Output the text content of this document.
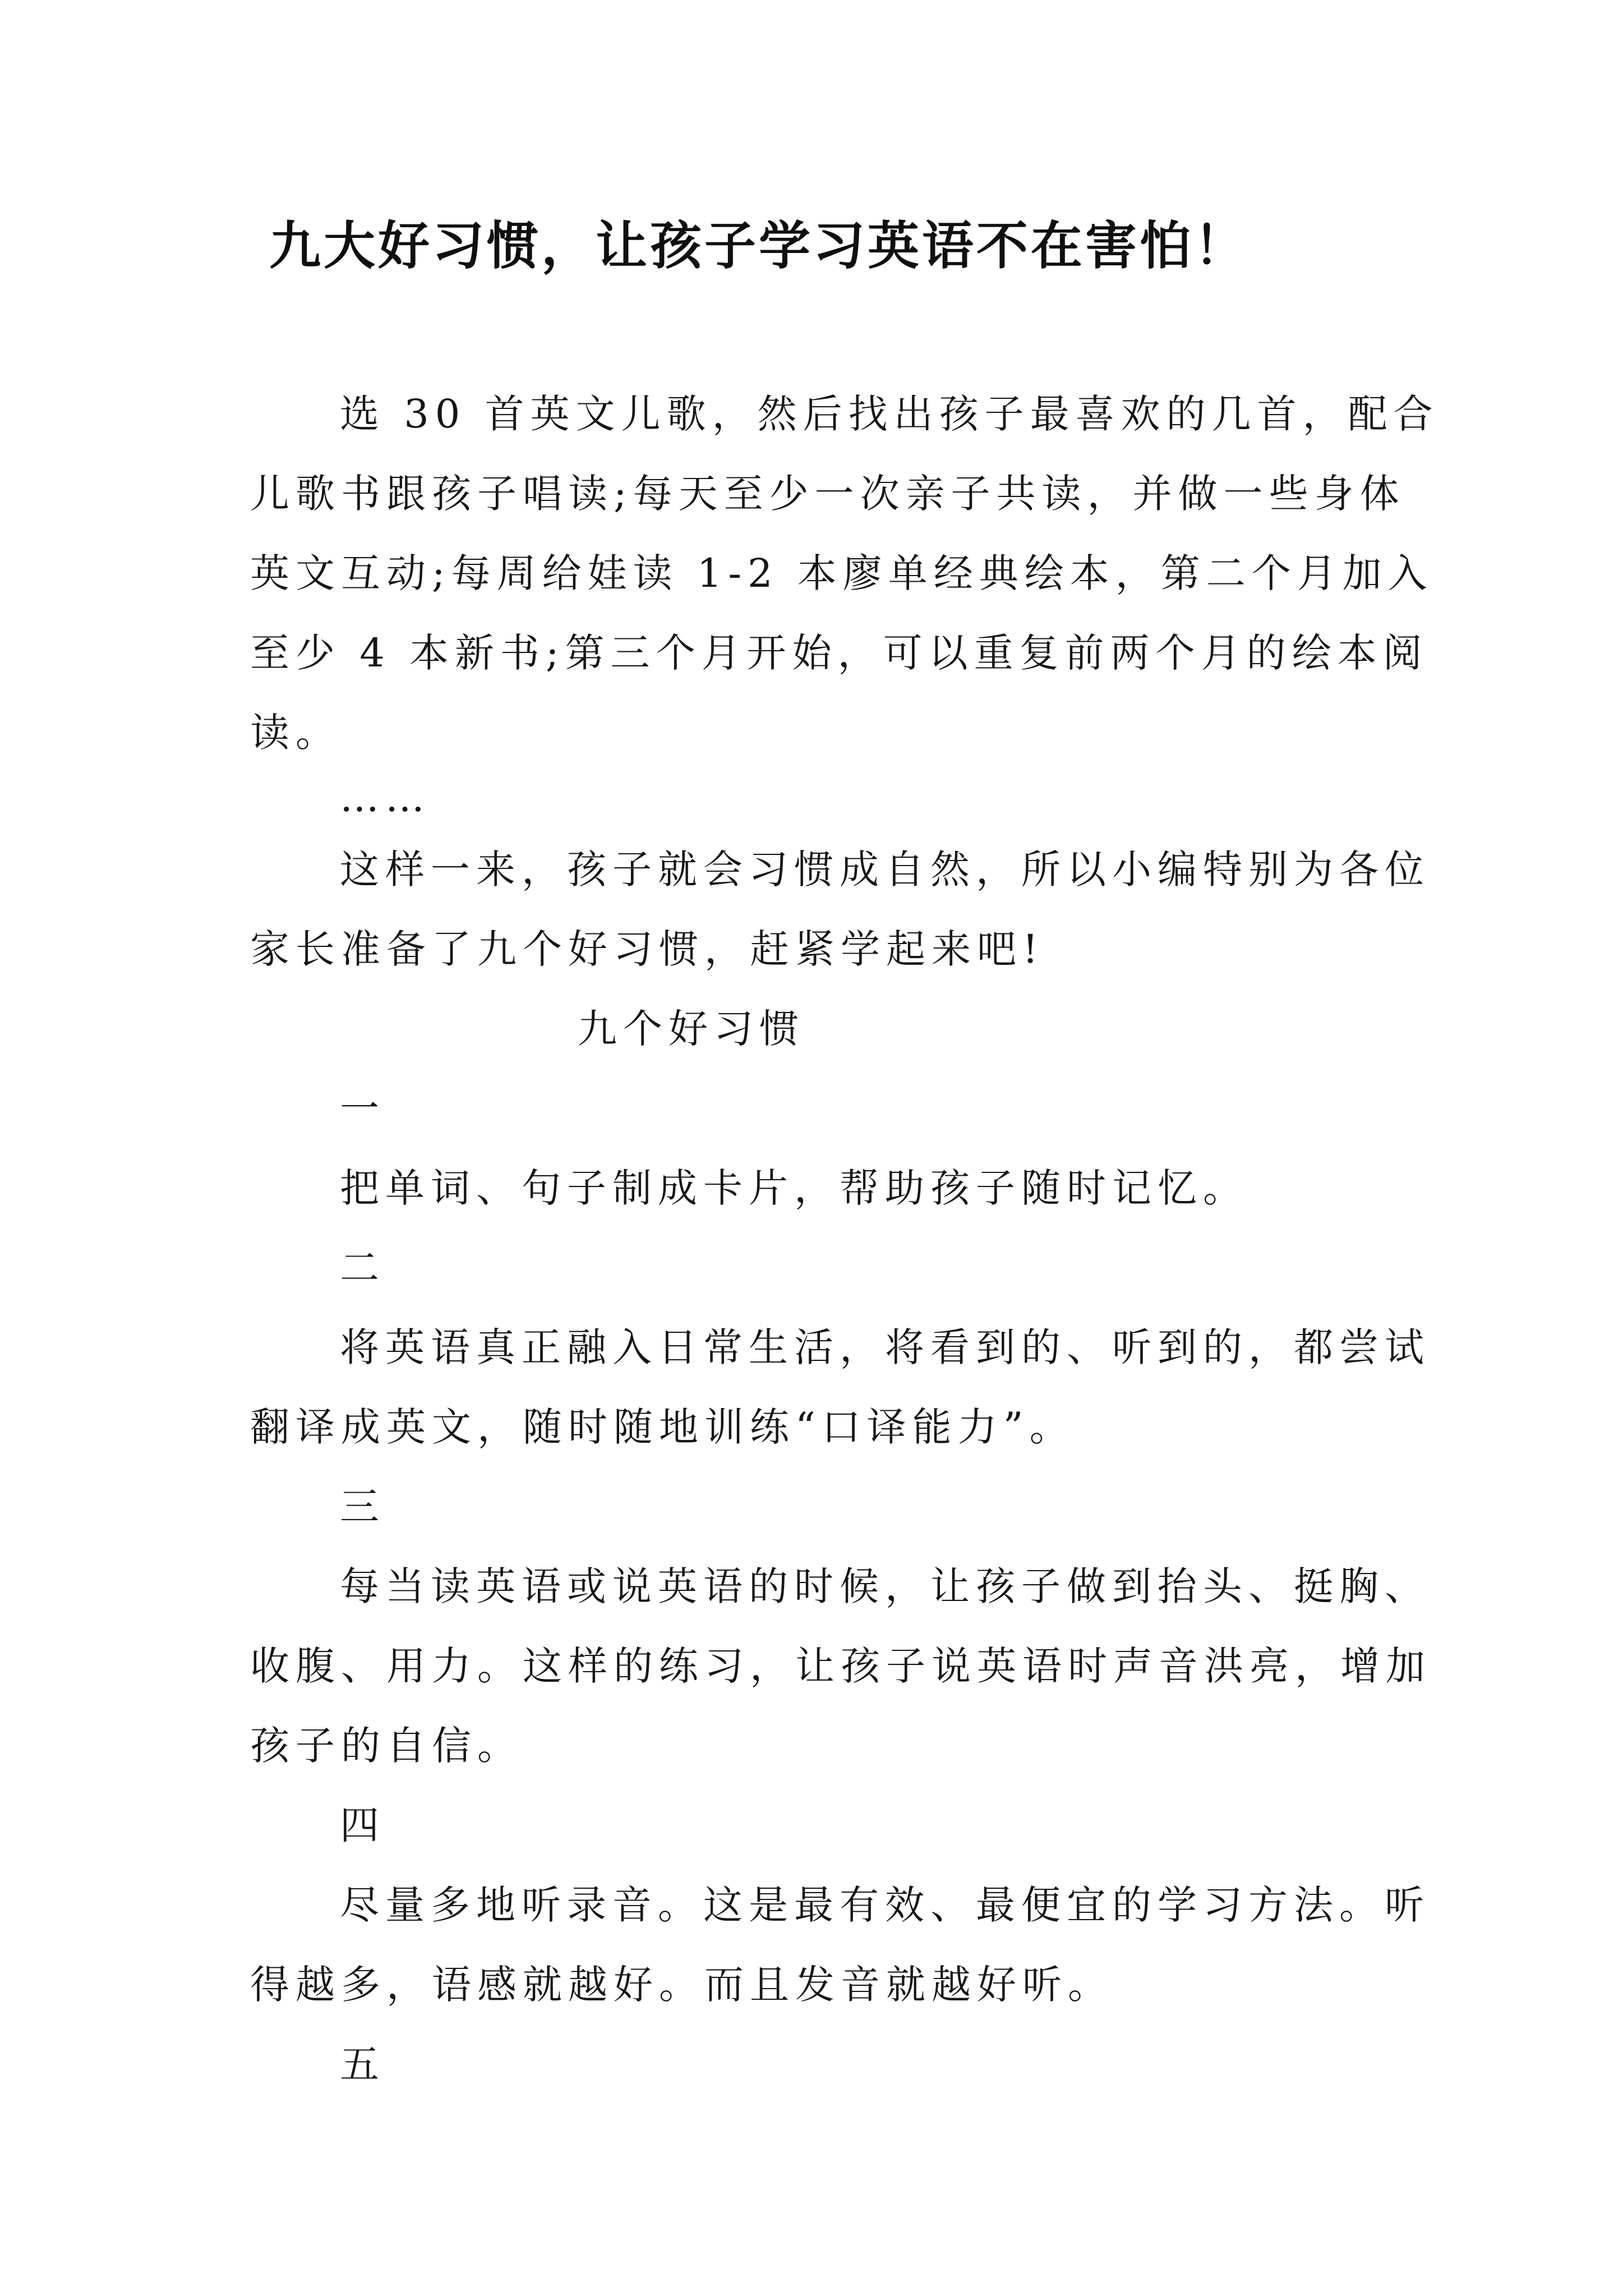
九大好习惯，让孩子学习英语不在害怕！
选 30 首英文儿歌，然后找出孩子最喜欢的几首，配合
儿歌书跟孩子唱读;每天至少一次亲子共读，并做一些身体
英文互动;每周给娃读 1-2 本廖单经典绘本，第二个月加入
至少 4 本新书;第三个月开始，可以重复前两个月的绘本阅
读。
……
这样一来，孩子就会习惯成自然，所以小编特别为各位
家长准备了九个好习惯，赶紧学起来吧!
九个好习惯
一
把单词、句子制成卡片，帮助孩子随时记忆。
二
将英语真正融入日常生活，将看到的、听到的，都尝试
翻译成英文，随时随地训练“口译能力”。
三
每当读英语或说英语的时候，让孩子做到抬头、挺胸、
收腹、用力。这样的练习，让孩子说英语时声音洪亮，增加
孩子的自信。
四
尽量多地听录音。这是最有效、最便宜的学习方法。听
得越多，语感就越好。而且发音就越好听。
五
